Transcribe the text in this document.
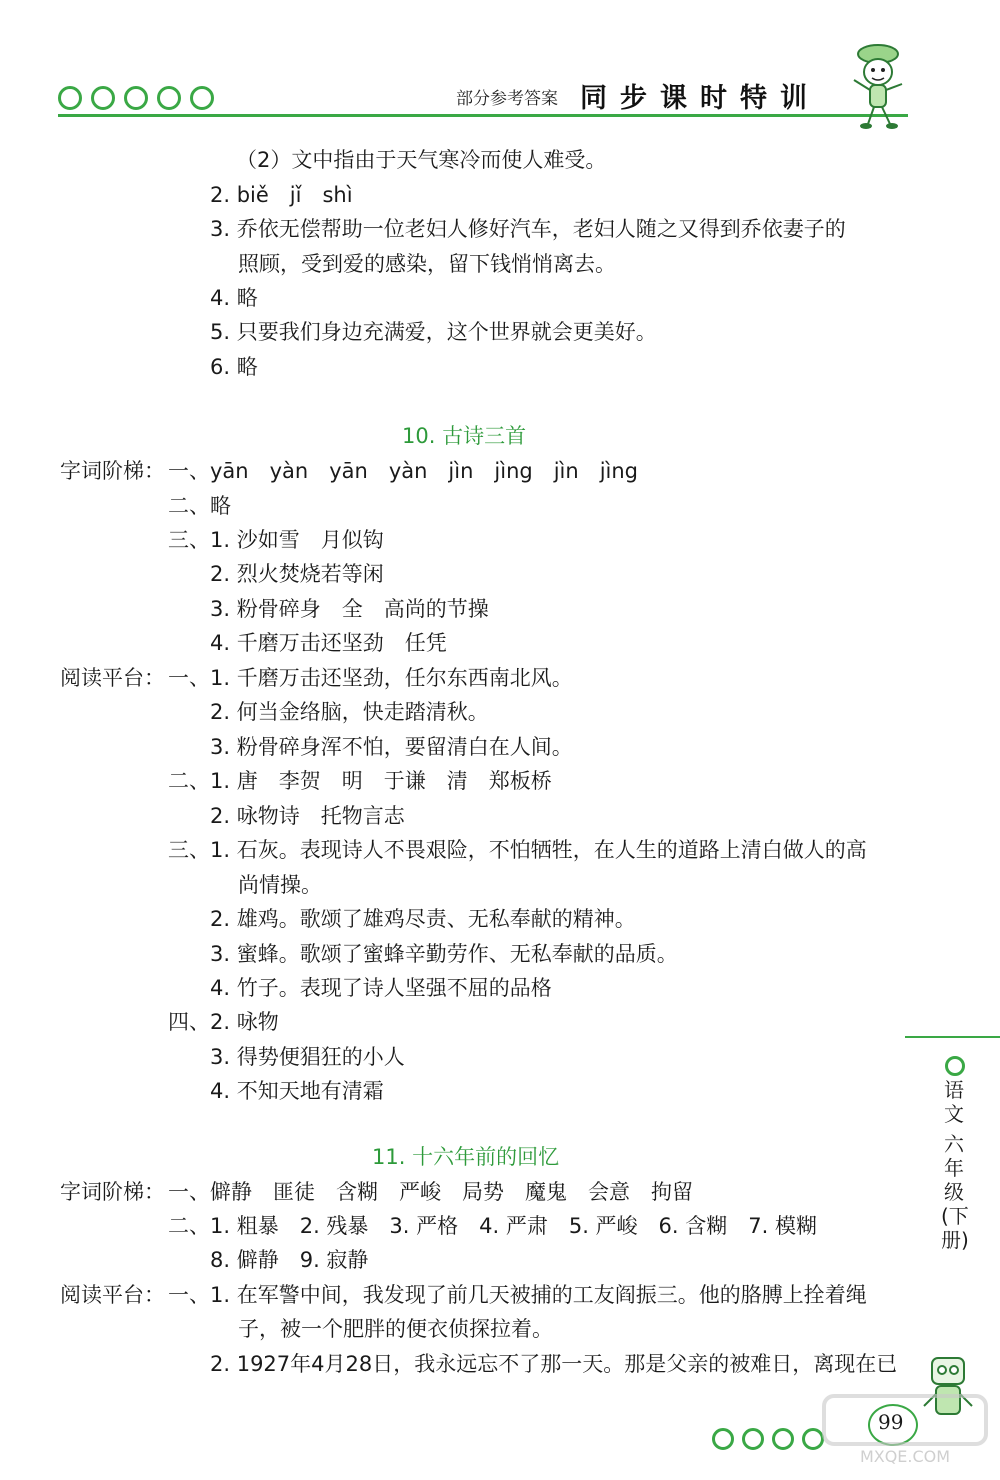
部分参考答案 同步课时特训
（2）文中指由于天气寒冷而使人难受。
2. biě　jǐ　shì
3. 乔依无偿帮助一位老妇人修好汽车，老妇人随之又得到乔依妻子的
照顾，受到爱的感染，留下钱悄悄离去。
4. 略
5. 只要我们身边充满爱，这个世界就会更美好。
6. 略
10. 古诗三首
字词阶梯： 一、yān　yàn　yān　yàn　jìn　jìng　jìn　jìng
二、略
三、1. 沙如雪　月似钩
2. 烈火焚烧若等闲
3. 粉骨碎身　全　高尚的节操
4. 千磨万击还坚劲　任凭
阅读平台： 一、1. 千磨万击还坚劲，任尔东西南北风。
2. 何当金络脑，快走踏清秋。
3. 粉骨碎身浑不怕，要留清白在人间。
二、1. 唐　李贺　明　于谦　清　郑板桥
2. 咏物诗　托物言志
三、1. 石灰。表现诗人不畏艰险，不怕牺牲，在人生的道路上清白做人的高
尚情操。
2. 雄鸡。歌颂了雄鸡尽责、无私奉献的精神。
3. 蜜蜂。歌颂了蜜蜂辛勤劳作、无私奉献的品质。
4. 竹子。表现了诗人坚强不屈的品格
四、2. 咏物
3. 得势便猖狂的小人
4. 不知天地有清霜
11. 十六年前的回忆
字词阶梯： 一、僻静　匪徒　含糊　严峻　局势　魔鬼　会意　拘留
二、1. 粗暴　2. 残暴　3. 严格　4. 严肃　5. 严峻　6. 含糊　7. 模糊
8. 僻静　9. 寂静
阅读平台： 一、1. 在军警中间，我发现了前几天被捕的工友阎振三。他的胳膊上拴着绳
子，被一个肥胖的便衣侦探拉着。
2. 1927年4月28日，我永远忘不了那一天。那是父亲的被难日，离现在已
语文
六年级(下册)
99
MXQE.COM
